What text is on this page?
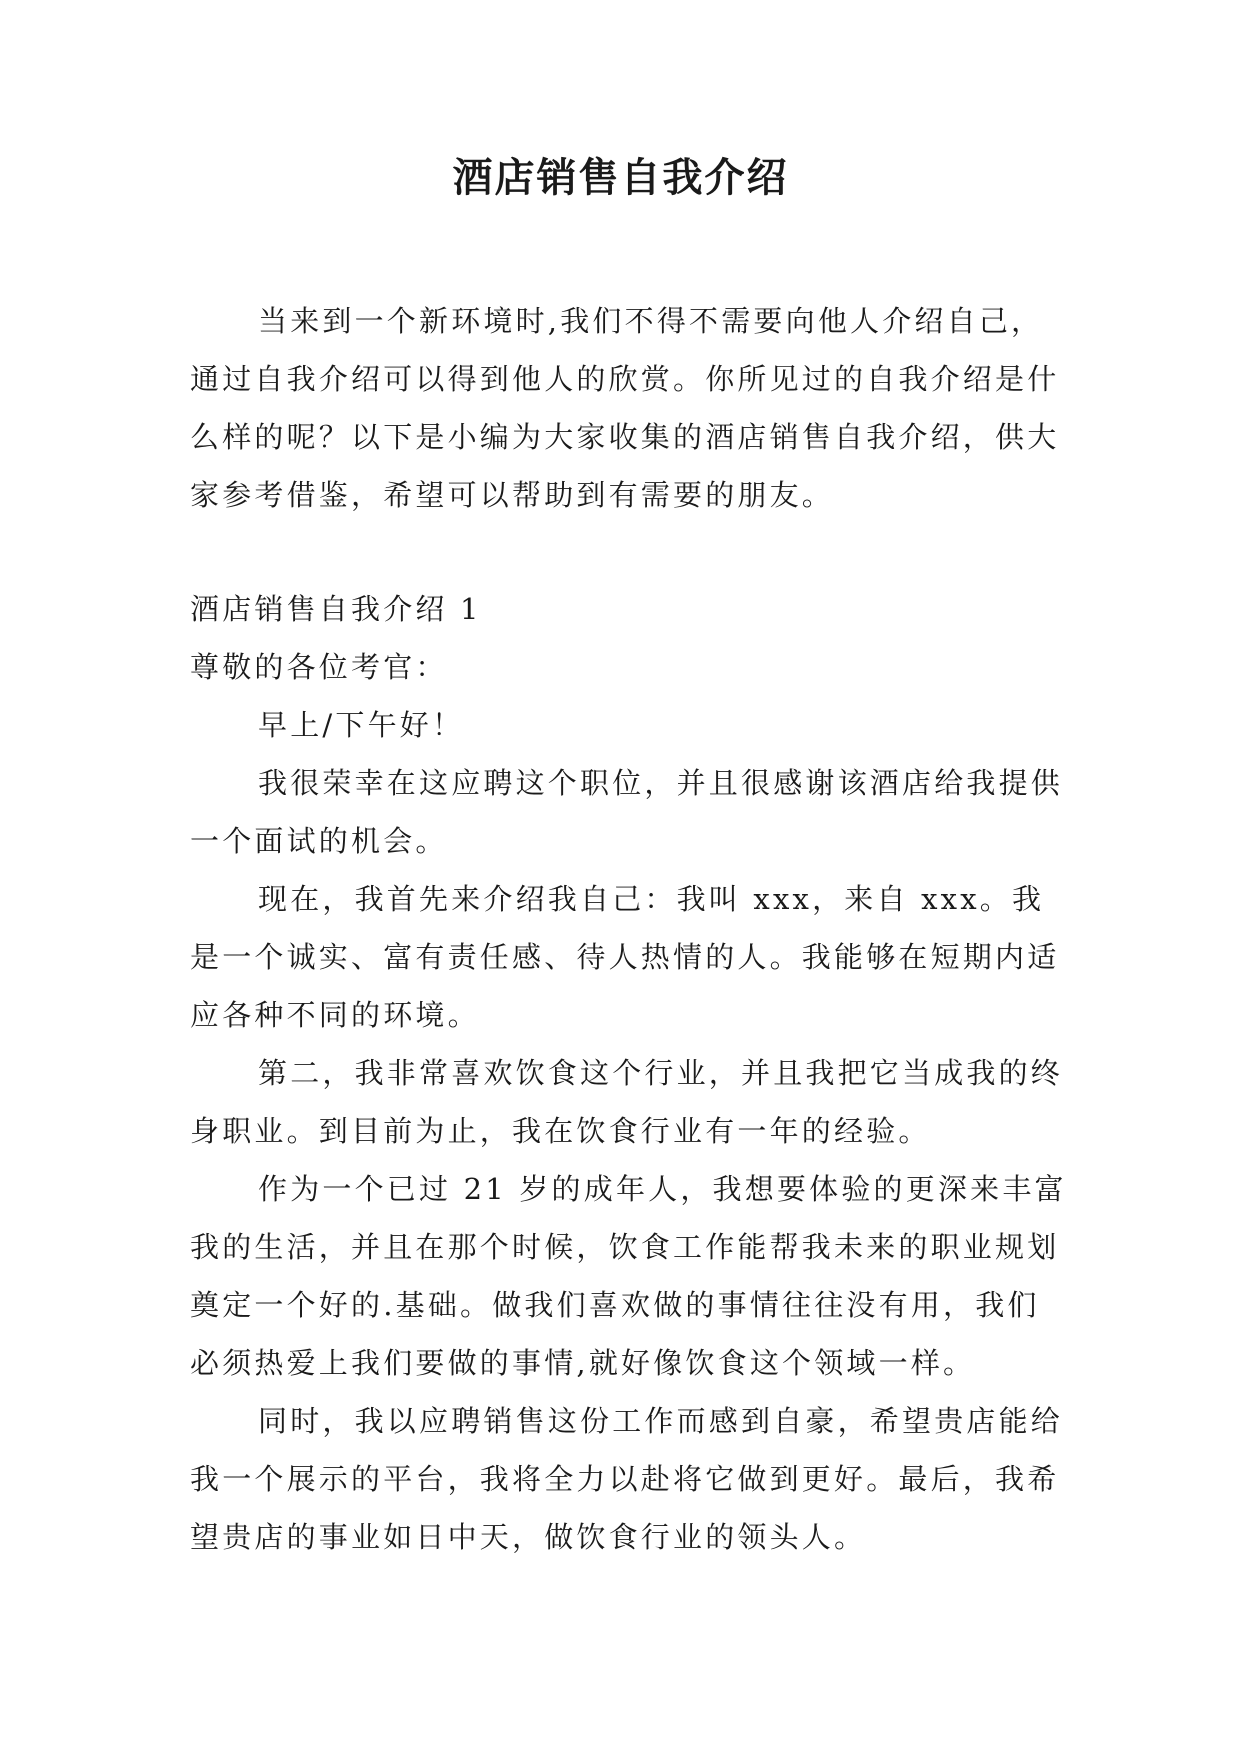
酒店销售自我介绍

当来到一个新环境时,我们不得不需要向他人介绍自己，通过自我介绍可以得到他人的欣赏。你所见过的自我介绍是什么样的呢？以下是小编为大家收集的酒店销售自我介绍，供大家参考借鉴，希望可以帮助到有需要的朋友。

酒店销售自我介绍 1

尊敬的各位考官：

早上/下午好！

我很荣幸在这应聘这个职位，并且很感谢该酒店给我提供一个面试的机会。

现在，我首先来介绍我自己：我叫 xxx，来自 xxx。我是一个诚实、富有责任感、待人热情的人。我能够在短期内适应各种不同的环境。

第二，我非常喜欢饮食这个行业，并且我把它当成我的终身职业。到目前为止，我在饮食行业有一年的经验。

作为一个已过 21 岁的成年人，我想要体验的更深来丰富我的生活，并且在那个时候，饮食工作能帮我未来的职业规划奠定一个好的.基础。做我们喜欢做的事情往往没有用，我们必须热爱上我们要做的事情,就好像饮食这个领域一样。

同时，我以应聘销售这份工作而感到自豪，希望贵店能给我一个展示的平台，我将全力以赴将它做到更好。最后，我希望贵店的事业如日中天，做饮食行业的领头人。
